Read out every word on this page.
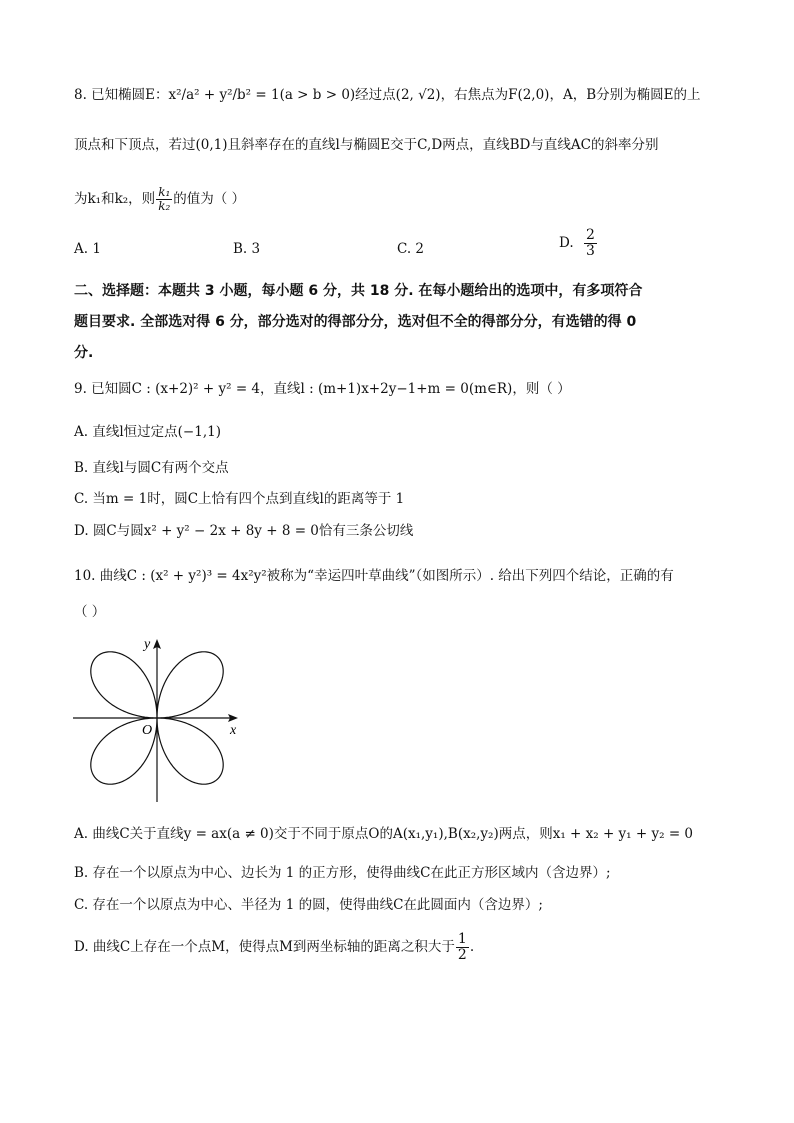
8. 已知椭圆E：x²/a² + y²/b² = 1(a > b > 0)经过点(2, √2)，右焦点为F(2,0)，A，B分别为椭圆E的上
顶点和下顶点，若过(0,1)且斜率存在的直线l与椭圆E交于C,D两点，直线BD与直线AC的斜率分别
为k₁和k₂，则 $\frac{\text{k₁}}{\text{k₂}}$ 的值为（ ）
A. 1	B. 3	C. 2	D. $\frac{2}{3}$
二、选择题：本题共 3 小题，每小题 6 分，共 18 分. 在每小题给出的选项中，有多项符合
题目要求. 全部选对得 6 分，部分选对的得部分分，选对但不全的得部分分，有选错的得 0
分.
9. 已知圆C : (x+2)² + y² = 4，直线l : (m+1)x+2y−1+m = 0(m∈R)，则（ ）
A. 直线l恒过定点(−1,1)
B. 直线l与圆C有两个交点
C. 当m = 1时，圆C上恰有四个点到直线l的距离等于 1
D. 圆C与圆x² + y² − 2x + 8y + 8 = 0恰有三条公切线
10. 曲线C : (x² + y²)³ = 4x²y²被称为“幸运四叶草曲线”（如图所示）. 给出下列四个结论，正确的有
（ ）
y
x
O
A. 曲线C关于直线y = ax(a ≠ 0)交于不同于原点O的A(x₁,y₁),B(x₂,y₂)两点，则x₁ + x₂ + y₁ + y₂ = 0
B. 存在一个以原点为中心、边长为 1 的正方形，使得曲线C在此正方形区域内（含边界）;
C. 存在一个以原点为中心、半径为 1 的圆，使得曲线C在此圆面内（含边界）;
D. 曲线C上存在一个点M，使得点M到两坐标轴的距离之积大于 $\frac{1}{2}$ .
